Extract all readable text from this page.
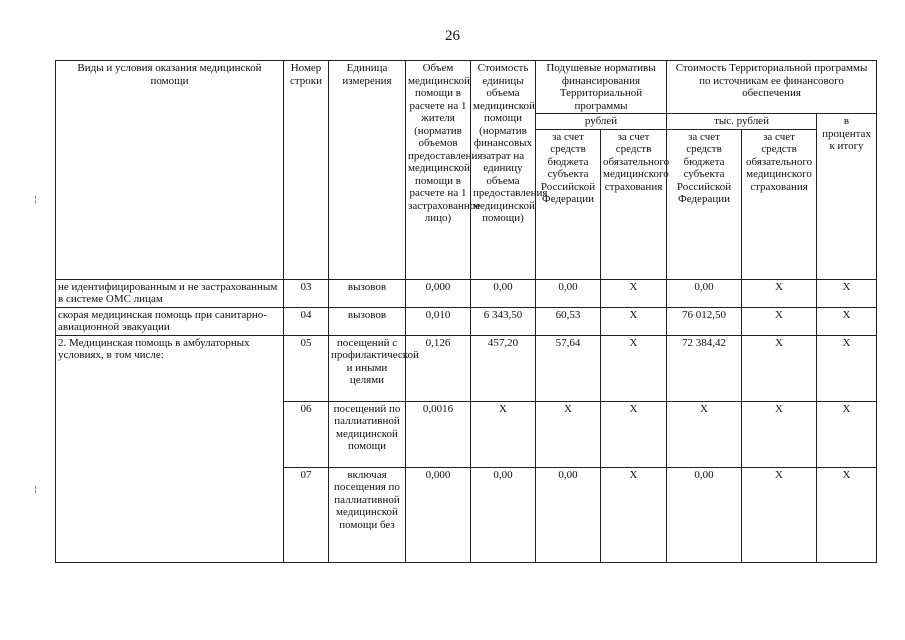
26
¦
¦
Виды и условия оказания медицинской помощи	Номер строки	Единица измерения	Объем медицинской помощи в расчете на 1 жителя (норматив объемов предоставления медицинской помощи в расчете на 1 застрахованное лицо)	Стоимость единицы объема медицинской помощи (норматив финансовых затрат на единицу объема предоставления медицинской помощи)	Подушевые нормативы финансирования Территориальной программы		Стоимость Территориальной программы по источникам ее финансового обеспечения		
					рублей		тыс. рублей		в процентах к итогу
					за счет средств бюджета субъекта Российской Федерации	за счет средств обязательного медицинского страхования	за счет средств бюджета субъекта Российской Федерации	за счет средств обязательного медицинского страхования	
не идентифицированным и не застрахованным в системе ОМС лицам	03	вызовов	0,000	0,00	0,00	Х	0,00	Х	Х
скорая медицинская помощь при санитарно-авиационной эвакуации	04	вызовов	0,010	6 343,50	60,53	Х	76 012,50	Х	Х
2. Медицинская помощь в амбулаторных условиях, в том числе:	05	посещений с профилактической и иными целями	0,126	457,20	57,64	Х	72 384,42	Х	Х
	06	посещений по паллиативной медицинской помощи	0,0016	Х	Х	Х	Х	Х	Х
	07	включая посещения по паллиативной медицинской помощи без	0,000	0,00	0,00	Х	0,00	Х	Х
